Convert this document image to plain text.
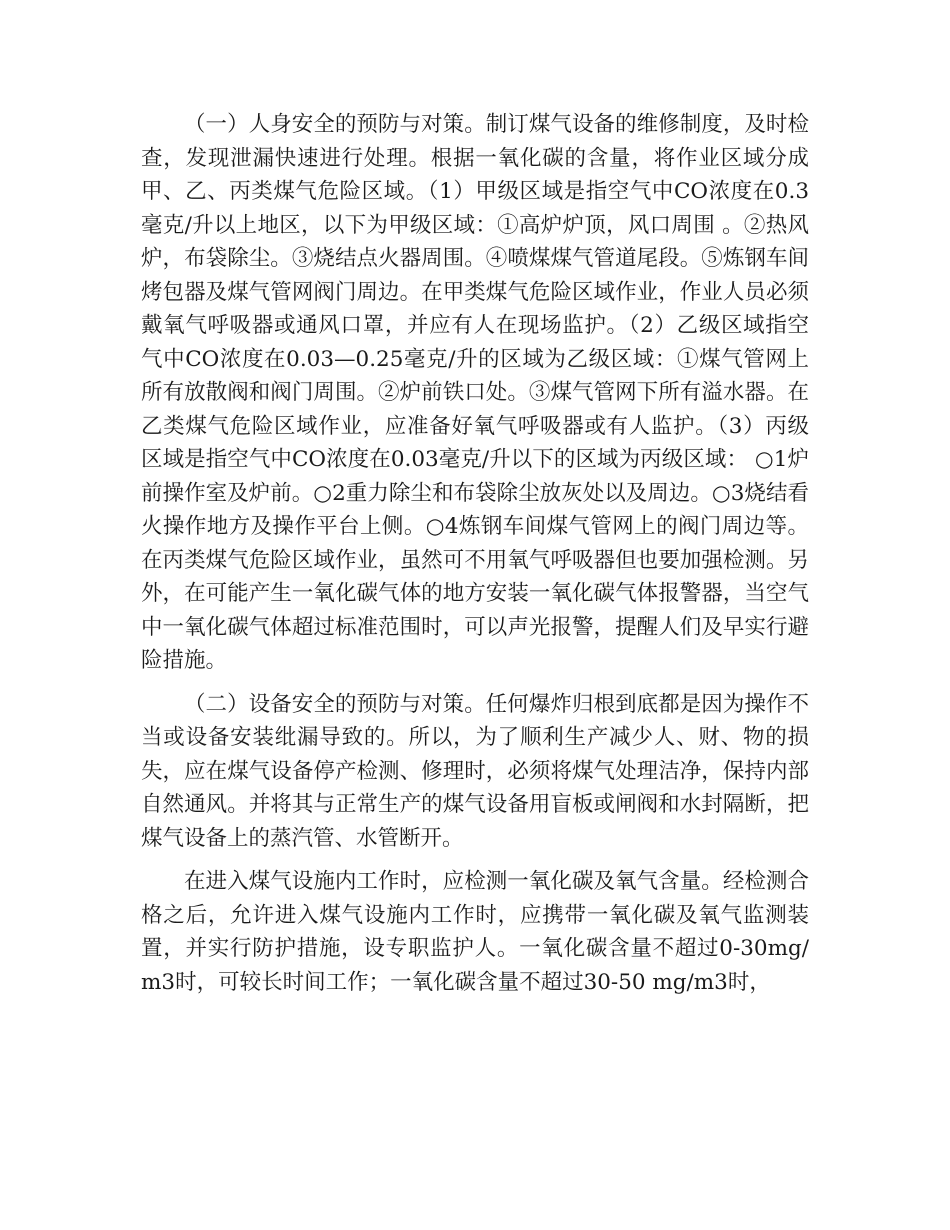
（一）人身安全的预防与对策。制订煤气设备的维修制度，及时检查，发现泄漏快速进行处理。根据一氧化碳的含量，将作业区域分成甲、乙、丙类煤气危险区域。（1）甲级区域是指空气中CO浓度在0.3毫克/升以上地区，以下为甲级区域：①高炉炉顶，风口周围 。②热风炉，布袋除尘。③烧结点火器周围。④喷煤煤气管道尾段。⑤炼钢车间烤包器及煤气管网阀门周边。在甲类煤气危险区域作业，作业人员必须戴氧气呼吸器或通风口罩，并应有人在现场监护。（2）乙级区域指空气中CO浓度在0.03—0.25毫克/升的区域为乙级区域：①煤气管网上所有放散阀和阀门周围。②炉前铁口处。③煤气管网下所有溢水器。在乙类煤气危险区域作业，应准备好氧气呼吸器或有人监护。（3）丙级区域是指空气中CO浓度在0.03毫克/升以下的区域为丙级区域： ○1炉前操作室及炉前。○2重力除尘和布袋除尘放灰处以及周边。○3烧结看火操作地方及操作平台上侧。○4炼钢车间煤气管网上的阀门周边等。在丙类煤气危险区域作业，虽然可不用氧气呼吸器但也要加强检测。另外，在可能产生一氧化碳气体的地方安装一氧化碳气体报警器，当空气中一氧化碳气体超过标准范围时，可以声光报警，提醒人们及早实行避险措施。

（二）设备安全的预防与对策。任何爆炸归根到底都是因为操作不当或设备安装纰漏导致的。所以，为了顺利生产减少人、财、物的损失，应在煤气设备停产检测、修理时，必须将煤气处理洁净，保持内部自然通风。并将其与正常生产的煤气设备用盲板或闸阀和水封隔断，把煤气设备上的蒸汽管、水管断开。

在进入煤气设施内工作时，应检测一氧化碳及氧气含量。经检测合格之后，允许进入煤气设施内工作时，应携带一氧化碳及氧气监测装置，并实行防护措施，设专职监护人。一氧化碳含量不超过0-30mg/m3时，可较长时间工作；一氧化碳含量不超过30-50 mg/m3时，
